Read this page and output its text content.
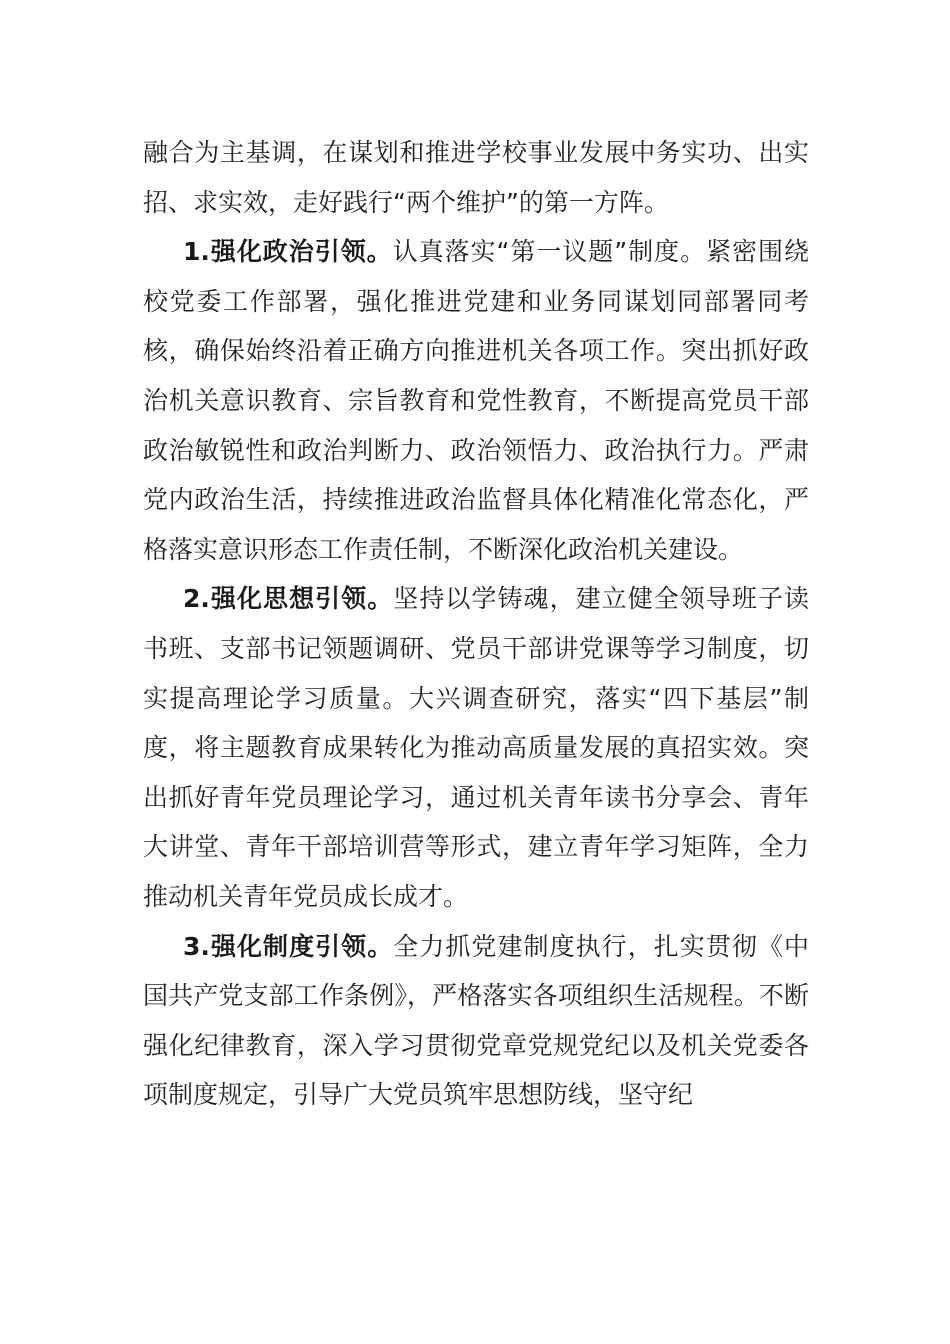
融合为主基调，在谋划和推进学校事业发展中务实功、出实招、求实效，走好践行“两个维护”的第一方阵。

1.强化政治引领。认真落实“第一议题”制度。紧密围绕校党委工作部署，强化推进党建和业务同谋划同部署同考核，确保始终沿着正确方向推进机关各项工作。突出抓好政治机关意识教育、宗旨教育和党性教育，不断提高党员干部政治敏锐性和政治判断力、政治领悟力、政治执行力。严肃党内政治生活，持续推进政治监督具体化精准化常态化，严格落实意识形态工作责任制，不断深化政治机关建设。

2.强化思想引领。坚持以学铸魂，建立健全领导班子读书班、支部书记领题调研、党员干部讲党课等学习制度，切实提高理论学习质量。大兴调查研究，落实“四下基层”制度，将主题教育成果转化为推动高质量发展的真招实效。突出抓好青年党员理论学习，通过机关青年读书分享会、青年大讲堂、青年干部培训营等形式，建立青年学习矩阵，全力推动机关青年党员成长成才。

3.强化制度引领。全力抓党建制度执行，扎实贯彻《中国共产党支部工作条例》，严格落实各项组织生活规程。不断强化纪律教育，深入学习贯彻党章党规党纪以及机关党委各项制度规定，引导广大党员筑牢思想防线，坚守纪
